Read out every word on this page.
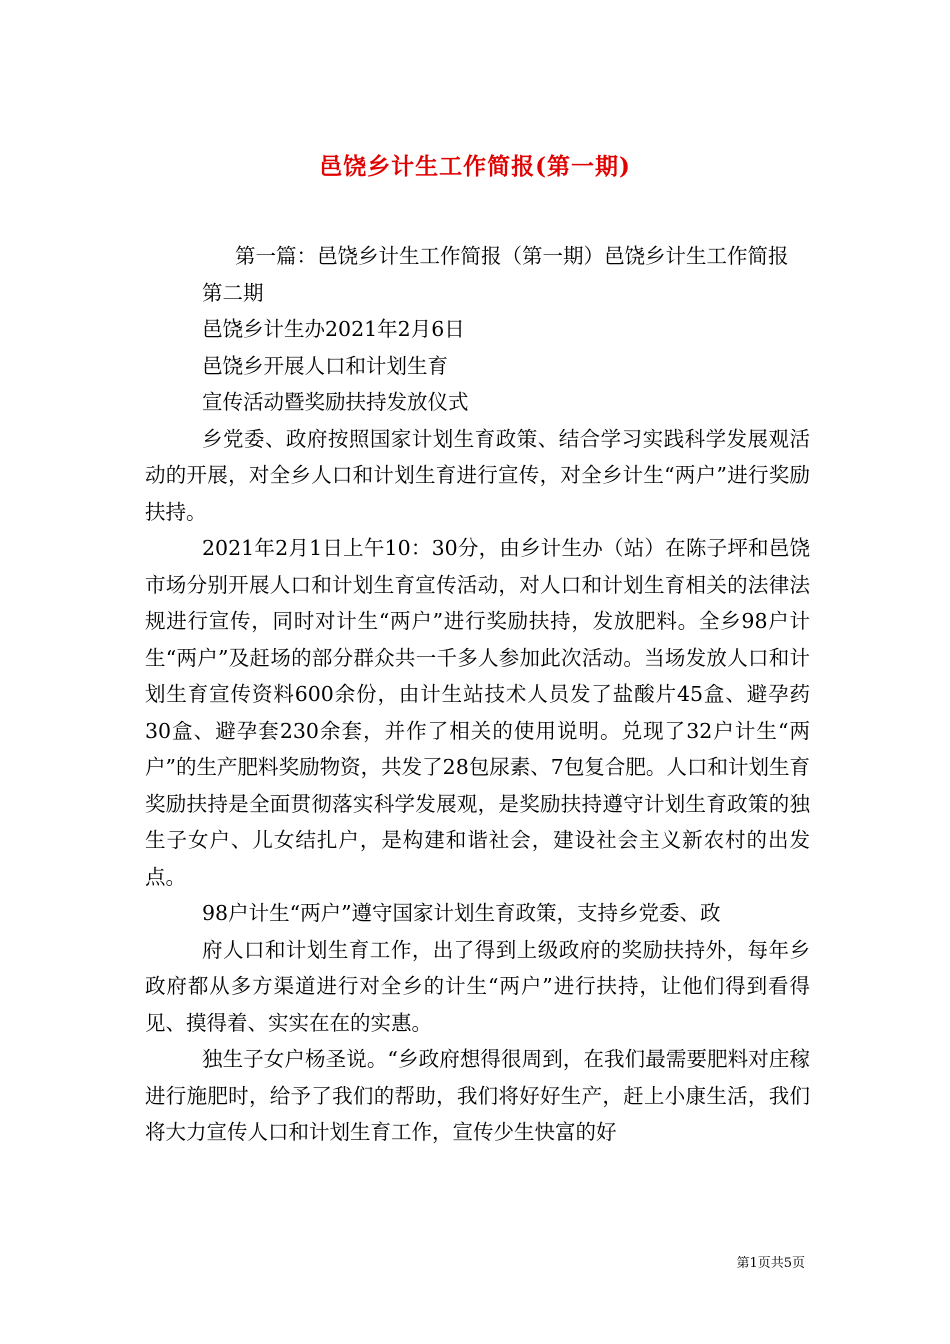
邑饶乡计生工作简报(第一期)

第一篇：邑饶乡计生工作简报（第一期）邑饶乡计生工作简报

第二期

邑饶乡计生办2021年2月6日

邑饶乡开展人口和计划生育

宣传活动暨奖励扶持发放仪式

乡党委、政府按照国家计划生育政策、结合学习实践科学发展观活动的开展，对全乡人口和计划生育进行宣传，对全乡计生“两户”进行奖励扶持。

2021年2月1日上午10：30分，由乡计生办（站）在陈子坪和邑饶市场分别开展人口和计划生育宣传活动，对人口和计划生育相关的法律法规进行宣传，同时对计生“两户”进行奖励扶持，发放肥料。全乡98户计生“两户”及赶场的部分群众共一千多人参加此次活动。当场发放人口和计划生育宣传资料600余份，由计生站技术人员发了盐酸片45盒、避孕药30盒、避孕套230余套，并作了相关的使用说明。兑现了32户计生“两户”的生产肥料奖励物资，共发了28包尿素、7包复合肥。人口和计划生育奖励扶持是全面贯彻落实科学发展观，是奖励扶持遵守计划生育政策的独生子女户、儿女结扎户，是构建和谐社会，建设社会主义新农村的出发点。

98户计生“两户”遵守国家计划生育政策，支持乡党委、政

府人口和计划生育工作，出了得到上级政府的奖励扶持外，每年乡政府都从多方渠道进行对全乡的计生“两户”进行扶持，让他们得到看得见、摸得着、实实在在的实惠。

独生子女户杨圣说。“乡政府想得很周到，在我们最需要肥料对庄稼进行施肥时，给予了我们的帮助，我们将好好生产，赶上小康生活，我们将大力宣传人口和计划生育工作，宣传少生快富的好

第1页共5页
